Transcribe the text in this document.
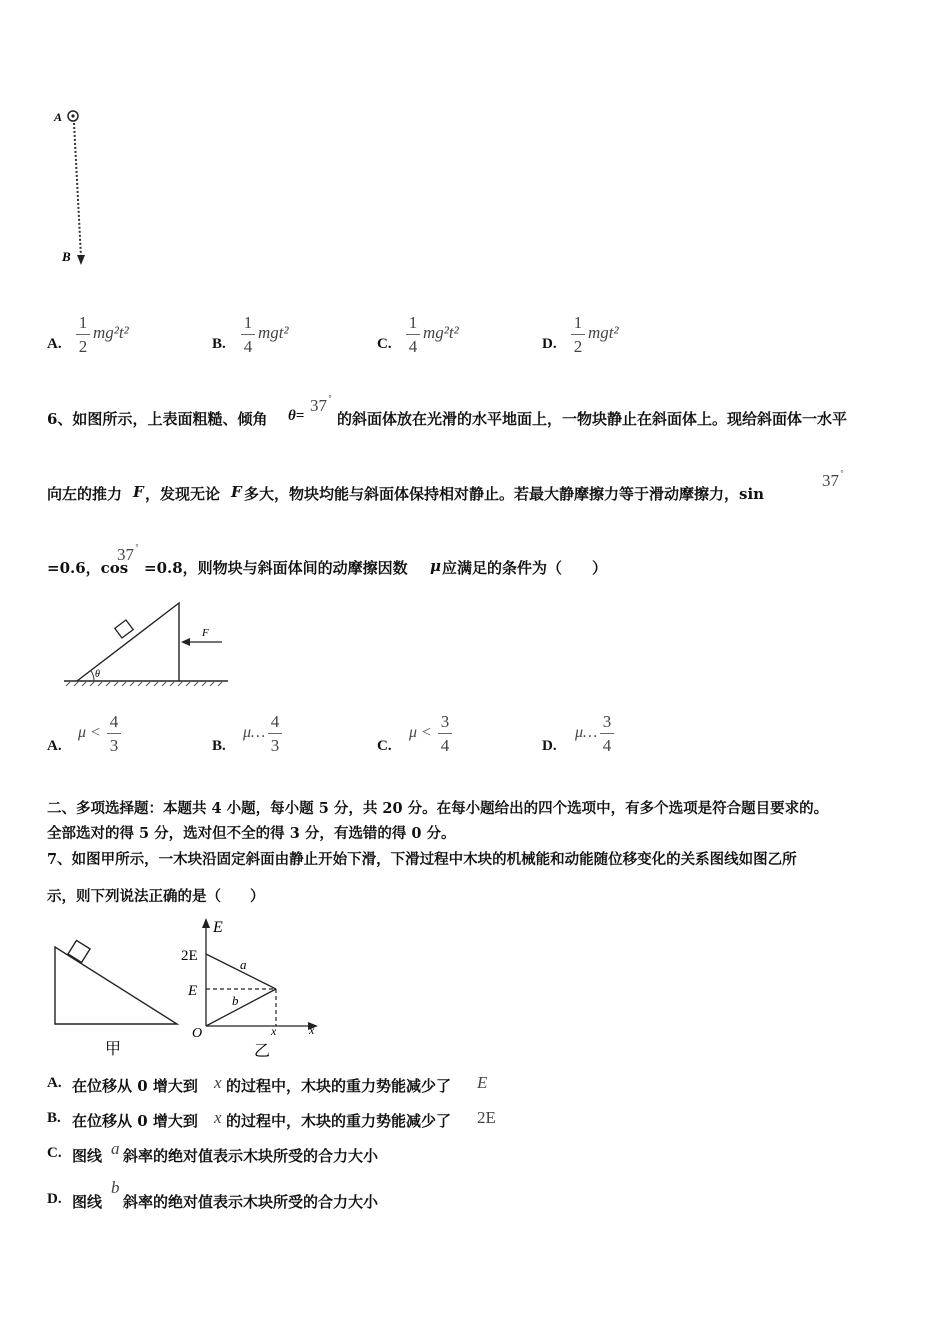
A
B
A.
1
2
mg²t²
B.
1
4
mgt²
C.
1
4
mg²t²
D.
1
2
mgt²
6、如图所示，上表面粗糙、倾角 θ=
37 °
的斜面体放在光滑的水平地面上，一物块静止在斜面体上。现给斜面体一水平
向左的推力 F ，发现无论 F 多大，物块均能与斜面体保持相对静止。若最大静摩擦力等于滑动摩擦力，sin
37 °
=0.6，cos
37 °
=0.8，则物块与斜面体间的动摩擦因数 μ 应满足的条件为（　　）
θ
F
A.
μ <
4
3	B.
μ…
4
3	C.
μ <
3
4	D.
μ…
3
4
二、多项选择题：本题共 4 小题，每小题 5 分，共 20 分。在每小题给出的四个选项中，有多个选项是符合题目要求的。
全部选对的得 5 分，选对但不全的得 3 分，有选错的得 0 分。
7、如图甲所示，一木块沿固定斜面由静止开始下滑，下滑过程中木块的机械能和动能随位移变化的关系图线如图乙所
示，则下列说法正确的是（　　）
甲
E
2E
E
O	x	x
a
b
乙
A. 在位移从 0 增大到 x 的过程中，木块的重力势能减少了 E
B. 在位移从 0 增大到 x 的过程中，木块的重力势能减少了 2E
C. 图线 a 斜率的绝对值表示木块所受的合力大小
D. 图线
b
斜率的绝对值表示木块所受的合力大小
